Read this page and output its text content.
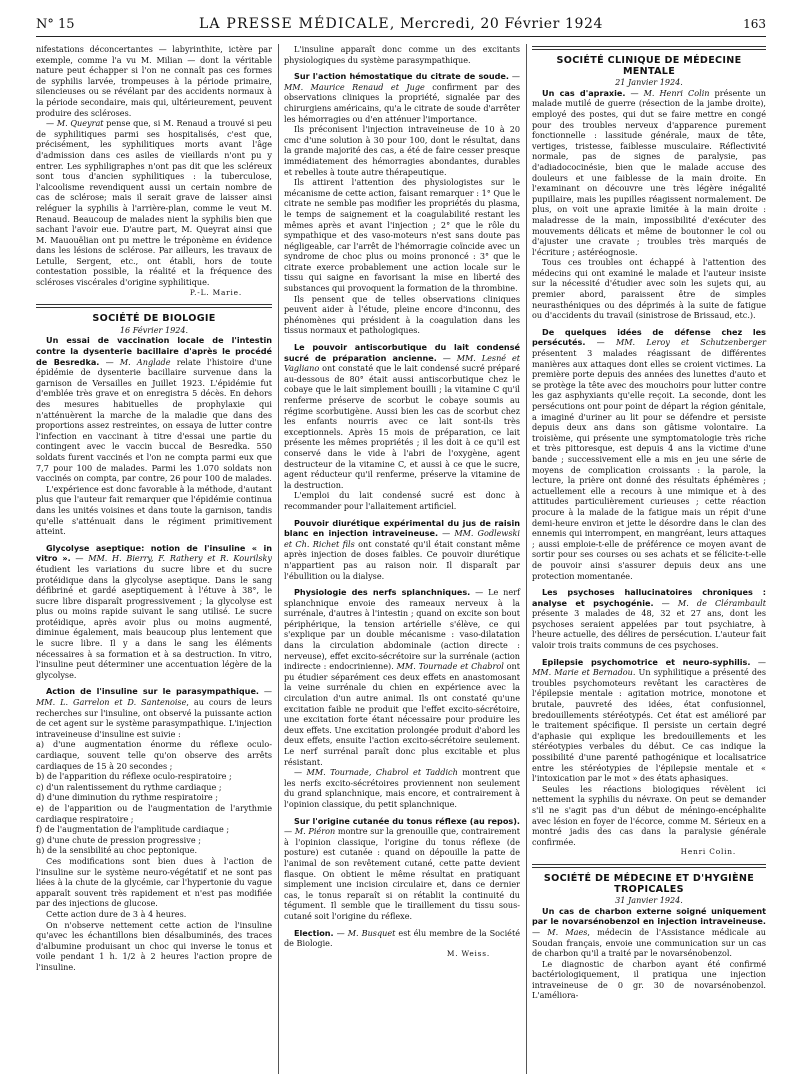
N° 15	LA PRESSE MÉDICALE, Mercredi, 20 Février 1924	163

nifestations déconcertantes — labyrinthite, ictère par exemple, comme l'a vu M. Milian — dont la véritable nature peut échapper si l'on ne connaît pas ces formes de syphilis larvée, trompeuses à la période primaire, silencieuses ou se révélant par des accidents normaux à la période secondaire, mais qui, ultérieurement, peuvent produire des scléroses.

— M. Queyrat pense que, si M. Renaud a trouvé si peu de syphilitiques parmi ses hospitalisés, c'est que, précisément, les syphilitiques morts avant l'âge d'admission dans ces asiles de vieillards n'ont pu y entrer. Les syphiligraphes n'ont pas dit que les scléreux sont tous d'ancien syphilitiques : la tuberculose, l'alcoolisme revendiquent aussi un certain nombre de cas de sclérose; mais il serait grave de laisser ainsi reléguer la syphilis à l'arrière-plan, comme le veut M. Renaud. Beaucoup de malades nient la syphilis bien que sachant l'avoir eue. D'autre part, M. Queyrat ainsi que M. Mauouëlian ont pu mettre le tréponème en évidence dans les lésions de sclérose. Par ailleurs, les travaux de Letulle, Sergent, etc., ont établi, hors de toute contestation possible, la réalité et la fréquence des scléroses viscérales d'origine syphilitique.

P.-L. Marie.

SOCIÉTÉ DE BIOLOGIE

16 Février 1924.

Un essai de vaccination locale de l'intestin contre la dysenterie bacillaire d'après le procédé de Besredka. — M. Anglade relate l'histoire d'une épidémie de dysenterie bacillaire survenue dans la garnison de Versailles en Juillet 1923. L'épidémie fut d'emblée très grave et on enregistra 5 décès. En dehors des mesures habituelles de prophylaxie qui n'atténuèrent la marche de la maladie que dans des proportions assez restreintes, on essaya de lutter contre l'infection en vaccinant à titre d'essai une partie du contingent avec le vaccin buccal de Besredka. 550 soldats furent vaccinés et l'on ne compta parmi eux que 7,7 pour 100 de malades. Parmi les 1.070 soldats non vaccinés on compta, par contre, 26 pour 100 de malades.

L'expérience est donc favorable à la méthode, d'autant plus que l'auteur fait remarquer que l'épidémie continua dans les unités voisines et dans toute la garnison, tandis qu'elle s'atténuait dans le régiment primitivement atteint.

Glycolyse aseptique: notion de l'insuline « in vitro ». — MM. H. Bierry, F. Rathery et R. Kourilsky étudient les variations du sucre libre et du sucre protéidique dans la glycolyse aseptique. Dans le sang défibriné et gardé aseptiquement à l'étuve à 38°, le sucre libre disparaît progressivement ; la glycolyse est plus ou moins rapide suivant le sang utilisé. Le sucre protéidique, après avoir plus ou moins augmenté, diminue également, mais beaucoup plus lentement que le sucre libre. Il y a dans le sang les éléments nécessaires à sa formation et à sa destruction. In vitro, l'insuline peut déterminer une accentuation légère de la glycolyse.

Action de l'insuline sur le parasympathique. — MM. L. Garrelon et D. Santenoise, au cours de leurs recherches sur l'insuline, ont observé la puissante action de cet agent sur le système parasympathique. L'injection intraveineuse d'insuline est suivie :

a) d'une augmentation énorme du réflexe oculo-cardiaque, souvent telle qu'on observe des arrêts cardiaques de 15 à 20 secondes ;

b) de l'apparition du réflexe oculo-respiratoire ;

c) d'un ralentissement du rythme cardiaque ;

d) d'une diminution du rythme respiratoire ;

e) de l'apparition ou de l'augmentation de l'arythmie cardiaque respiratoire ;

f) de l'augmentation de l'amplitude cardiaque ;

g) d'une chute de pression progressive ;

h) de la sensibilité au choc peptonique.

Ces modifications sont bien dues à l'action de l'insuline sur le système neuro-végétatif et ne sont pas liées à la chute de la glycémie, car l'hypertonie du vague apparaît souvent très rapidement et n'est pas modifiée par des injections de glucose.

Cette action dure de 3 à 4 heures.

On n'observe nettement cette action de l'insuline qu'avec les échantillons bien désalbuminés, des traces d'albumine produisant un choc qui inverse le tonus et voile pendant 1 h. 1/2 à 2 heures l'action propre de l'insuline.

L'insuline apparaît donc comme un des excitants physiologiques du système parasympathique.

Sur l'action hémostatique du citrate de soude. — MM. Maurice Renaud et Juge confirment par des observations cliniques la propriété, signalée par des chirurgiens américains, qu'a le citrate de soude d'arrêter les hémorragies ou d'en atténuer l'importance.

Ils préconisent l'injection intraveineuse de 10 à 20 cmc d'une solution à 30 pour 100, dont le résultat, dans la grande majorité des cas, a été de faire cesser presque immédiatement des hémorragies abondantes, durables et rebelles à toute autre thérapeutique.

Ils attirent l'attention des physiologistes sur le mécanisme de cette action, faisant remarquer : 1° Que le citrate ne semble pas modifier les propriétés du plasma, le temps de saignement et la coagulabilité restant les mêmes après et avant l'injection ; 2° que le rôle du sympathique et des vaso-moteurs n'est sans doute pas négligeable, car l'arrêt de l'hémorragie coïncide avec un syndrome de choc plus ou moins prononcé : 3° que le citrate exerce probablement une action locale sur le tissu qui saigne en favorisant la mise en liberté des substances qui provoquent la formation de la thrombine.

Ils pensent que de telles observations cliniques peuvent aider à l'étude, pleine encore d'inconnu, des phénomènes qui président à la coagulation dans les tissus normaux et pathologiques.

Le pouvoir antiscorbutique du lait condensé sucré de préparation ancienne. — MM. Lesné et Vagliano ont constaté que le lait condensé sucré préparé au-dessous de 80° était aussi antiscorbutique chez le cobaye que le lait simplement bouilli ; la vitamine C qu'il renferme préserve de scorbut le cobaye soumis au régime scorbutigène. Aussi bien les cas de scorbut chez les enfants nourris avec ce lait sont-ils très exceptionnels. Après 15 mois de préparation, ce lait présente les mêmes propriétés ; il les doit à ce qu'il est conservé dans le vide à l'abri de l'oxygène, agent destructeur de la vitamine C, et aussi à ce que le sucre, agent réducteur qu'il renferme, préserve la vitamine de la destruction.

L'emploi du lait condensé sucré est donc à recommander pour l'allaitement artificiel.

Pouvoir diurétique expérimental du jus de raisin blanc en injection intraveineuse. — MM. Godlewski et Ch. Richet fils ont constaté qu'il était constant même après injection de doses faibles. Ce pouvoir diurétique n'appartient pas au raison noir. Il disparaît par l'ébullition ou la dialyse.

Physiologie des nerfs splanchniques. — Le nerf splanchnique envoie des rameaux nerveux à la surrénale, d'autres à l'intestin ; quand on excite son bout périphérique, la tension artérielle s'élève, ce qui s'explique par un double mécanisme : vaso-dilatation dans la circulation abdominale (action directe : nerveuse), effet excito-sécrétoire sur la surrénale (action indirecte : endocrinienne). MM. Tournade et Chabrol ont pu étudier séparément ces deux effets en anastomosant la veine surrénale du chien en expérience avec la circulation d'un autre animal. Ils ont constaté qu'une excitation faible ne produit que l'effet excito-sécrétoire, une excitation forte étant nécessaire pour produire les deux effets. Une excitation prolongée produit d'abord les deux effets, ensuite l'action excito-sécrétoire seulement. Le nerf surrénal paraît donc plus excitable et plus résistant.

— MM. Tournade, Chabrol et Taddich montrent que les nerfs excito-sécrétoires proviennent non seulement du grand splanchnique, mais encore, et contrairement à l'opinion classique, du petit splanchnique.

Sur l'origine cutanée du tonus réflexe (au repos). — M. Piéron montre sur la grenouille que, contrairement à l'opinion classique, l'origine du tonus réflexe (de posture) est cutanée : quand on dépouille la patte de l'animal de son revêtement cutané, cette patte devient flasque. On obtient le même résultat en pratiquant simplement une incision circulaire et, dans ce dernier cas, le tonus reparaît si on rétablit la continuité du tégument. Il semble que le tiraillement du tissu sous-cutané soit l'origine du réflexe.

Election. — M. Busquet est élu membre de la Société de Biologie.

M. Weiss.

SOCIÉTÉ CLINIQUE DE MÉDECINE MENTALE

21 Janvier 1924.

Un cas d'apraxie. — M. Henri Colin présente un malade mutilé de guerre (résection de la jambe droite), employé des postes, qui dut se faire mettre en congé pour des troubles nerveux d'apparence purement fonctionnelle : lassitude générale, maux de tête, vertiges, tristesse, faiblesse musculaire. Réflectivité normale, pas de signes de paralysie, pas d'adiadococinésie, bien que le malade accuse des douleurs et une faiblesse de la main droite. En l'examinant on découvre une très légère inégalité pupillaire, mais les pupilles réagissent normalement. De plus, on voit une apraxie limitée à la main droite : maladresse de la main, impossibilité d'exécuter des mouvements délicats et même de boutonner le col ou d'ajuster une cravate ; troubles très marqués de l'écriture ; astéréognosie.

Tous ces troubles ont échappé à l'attention des médecins qui ont examiné le malade et l'auteur insiste sur la nécessité d'étudier avec soin les sujets qui, au premier abord, paraissent être de simples neurasthéniques ou des déprimés à la suite de fatigue ou d'accidents du travail (sinistrose de Brissaud, etc.).

De quelques idées de défense chez les persécutés. — MM. Leroy et Schutzenberger présentent 3 malades réagissant de différentes manières aux attaques dont elles se croient victimes. La première porte depuis des années des lunettes d'auto et se protège la tête avec des mouchoirs pour lutter contre les gaz asphyxiants qu'elle reçoit. La seconde, dont les persécutions ont pour point de départ la région génitale, a imaginé d'uriner au lit pour se défendre et persiste depuis deux ans dans son gâtisme volontaire. La troisième, qui présente une symptomatologie très riche et très pittoresque, est depuis 4 ans la victime d'une bande ; successivement elle a mis en jeu une série de moyens de complication croissants : la parole, la lecture, la prière ont donné des résultats éphémères ; actuellement elle a recours à une mimique et à des attitudes particulièrement curieuses ; cette réaction procure à la malade de la fatigue mais un répit d'une demi-heure environ et jette le désordre dans le clan des ennemis qui interrompent, en mangréant, leurs attaques ; aussi emploie-t-elle de préférence ce moyen avant de sortir pour ses courses ou ses achats et se félicite-t-elle de pouvoir ainsi s'assurer depuis deux ans une protection momentanée.

Les psychoses hallucinatoires chroniques : analyse et psychogénie. — M. de Clérambault présente 3 malades de 48, 32 et 27 ans, dont les psychoses seraient appelées par tout psychiatre, à l'heure actuelle, des délires de persécution. L'auteur fait valoir trois traits communs de ces psychoses.

Epilepsie psychomotrice et neuro-syphilis. — MM. Marie et Bernadou. Un syphilitique a présenté des troubles psychomoteurs revêtant les caractères de l'épilepsie mentale : agitation motrice, monotone et brutale, pauvreté des idées, état confusionnel, bredouillements stéréotypés. Cet état est amélioré par le traitement spécifique. Il persiste un certain degré d'aphasie qui explique les bredouillements et les stéréotypies verbales du début. Ce cas indique la possibilité d'une parenté pathogénique et localisatrice entre les stéréotypies de l'épilepsie mentale et « l'intoxication par le mot » des états aphasiques.

Seules les réactions biologiques révèlent ici nettement la syphilis du névraxe. On peut se demander s'il ne s'agit pas d'un début de méningo-encéphalite avec lésion en foyer de l'écorce, comme M. Sérieux en a montré jadis des cas dans la paralysie générale confirmée.

Henri Colin.

SOCIÉTÉ DE MÉDECINE ET D'HYGIÈNE TROPICALES

31 Janvier 1924.

Un cas de charbon externe soigné uniquement par le novarsénobenzol en injection intraveineuse. — M. Maes, médecin de l'Assistance médicale au Soudan français, envoie une communication sur un cas de charbon qu'il a traité par le novarsénobenzol.

Le diagnostic de charbon ayant été confirmé bactériologiquement, il pratiqua une injection intraveineuse de 0 gr. 30 de novarsénobenzol. L'améliora-
